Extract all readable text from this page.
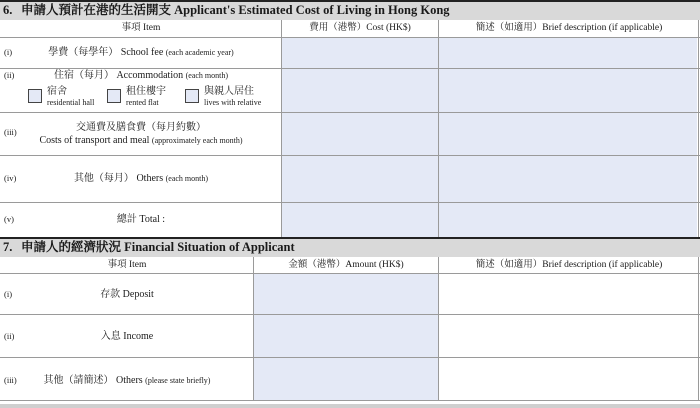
6. 申請人預計在港的生活開支 Applicant's Estimated Cost of Living in Hong Kong
事項 Item	費用（港幣）Cost (HK$)	簡述（如適用）Brief description (if applicable)
(i)	學費（每學年） School fee (each academic year)
(ii)	住宿（每月） Accommodation (each month)
宿舍
residential hall
租住樓宇
rented flat
與親人居住
lives with relative
(iii)	交通費及膳食費（每月約數）
Costs of transport and meal (approximately each month)
(iv)	其他（每月） Others (each month)
(v)	總計 Total :
7. 申請人的經濟狀況 Financial Situation of Applicant
事項 Item	金額（港幣）Amount (HK$)	簡述（如適用）Brief description (if applicable)
(i)	存款 Deposit
(ii)	入息 Income
(iii)	其他（請簡述） Others (please state briefly)
